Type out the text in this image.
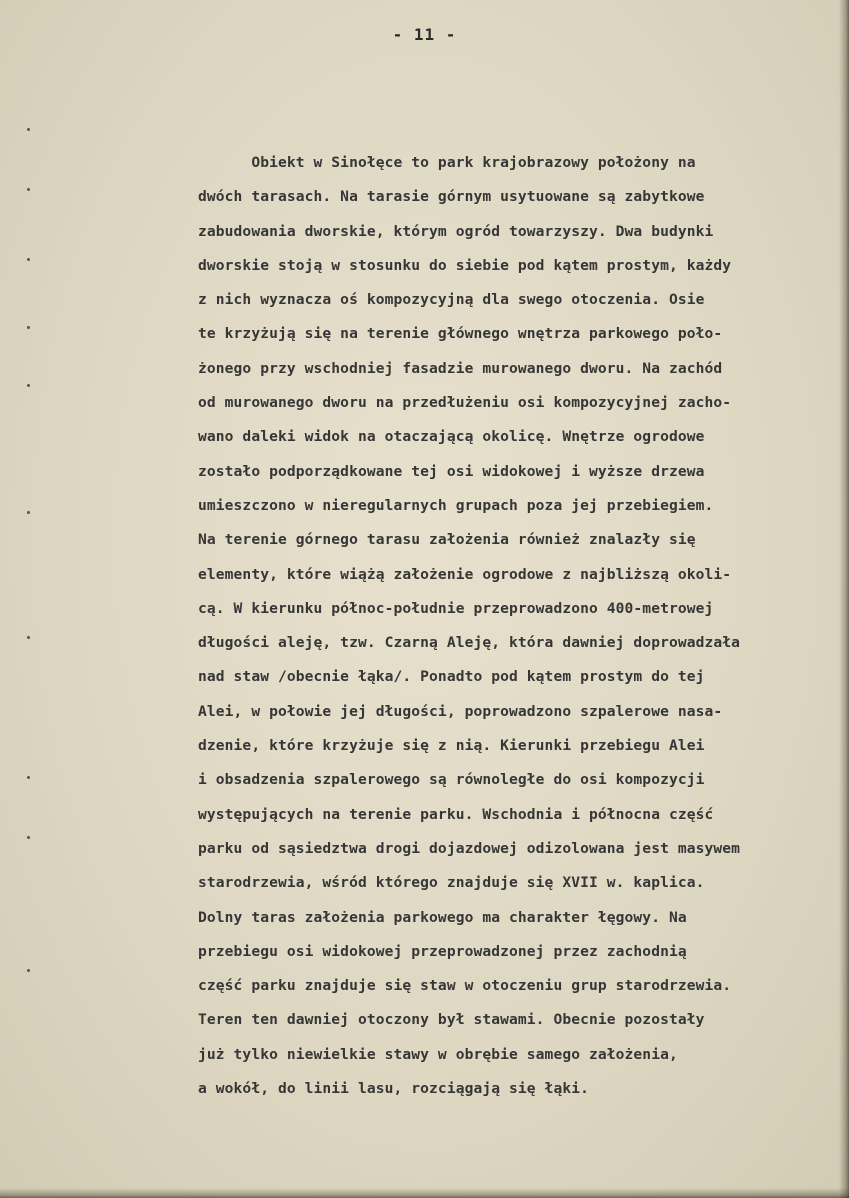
- 11 -
Obiekt w Sinołęce to park krajobrazowy położony na
dwóch tarasach. Na tarasie górnym usytuowane są zabytkowe
zabudowania dworskie, którym ogród towarzyszy. Dwa budynki
dworskie stoją w stosunku do siebie pod kątem prostym, każdy
z nich wyznacza oś kompozycyjną dla swego otoczenia. Osie
te krzyżują się na terenie głównego wnętrza parkowego poło-
żonego przy wschodniej fasadzie murowanego dworu. Na zachód
od murowanego dworu na przedłużeniu osi kompozycyjnej zacho-
wano daleki widok na otaczającą okolicę. Wnętrze ogrodowe
zostało podporządkowane tej osi widokowej i wyższe drzewa
umieszczono w nieregularnych grupach poza jej przebiegiem.
Na terenie górnego tarasu założenia również znalazły się
elementy, które wiążą założenie ogrodowe z najbliższą okoli-
cą. W kierunku północ-południe przeprowadzono 400-metrowej
długości aleję, tzw. Czarną Aleję, która dawniej doprowadzała
nad staw /obecnie łąka/. Ponadto pod kątem prostym do tej
Alei, w połowie jej długości, poprowadzono szpalerowe nasa-
dzenie, które krzyżuje się z nią. Kierunki przebiegu Alei
i obsadzenia szpalerowego są równoległe do osi kompozycji
występujących na terenie parku. Wschodnia i północna część
parku od sąsiedztwa drogi dojazdowej odizolowana jest masywem
starodrzewia, wśród którego znajduje się XVII w. kaplica.
Dolny taras założenia parkowego ma charakter łęgowy. Na
przebiegu osi widokowej przeprowadzonej przez zachodnią
część parku znajduje się staw w otoczeniu grup starodrzewia.
Teren ten dawniej otoczony był stawami. Obecnie pozostały
już tylko niewielkie stawy w obrębie samego założenia,
a wokół, do linii lasu, rozciągają się łąki.
